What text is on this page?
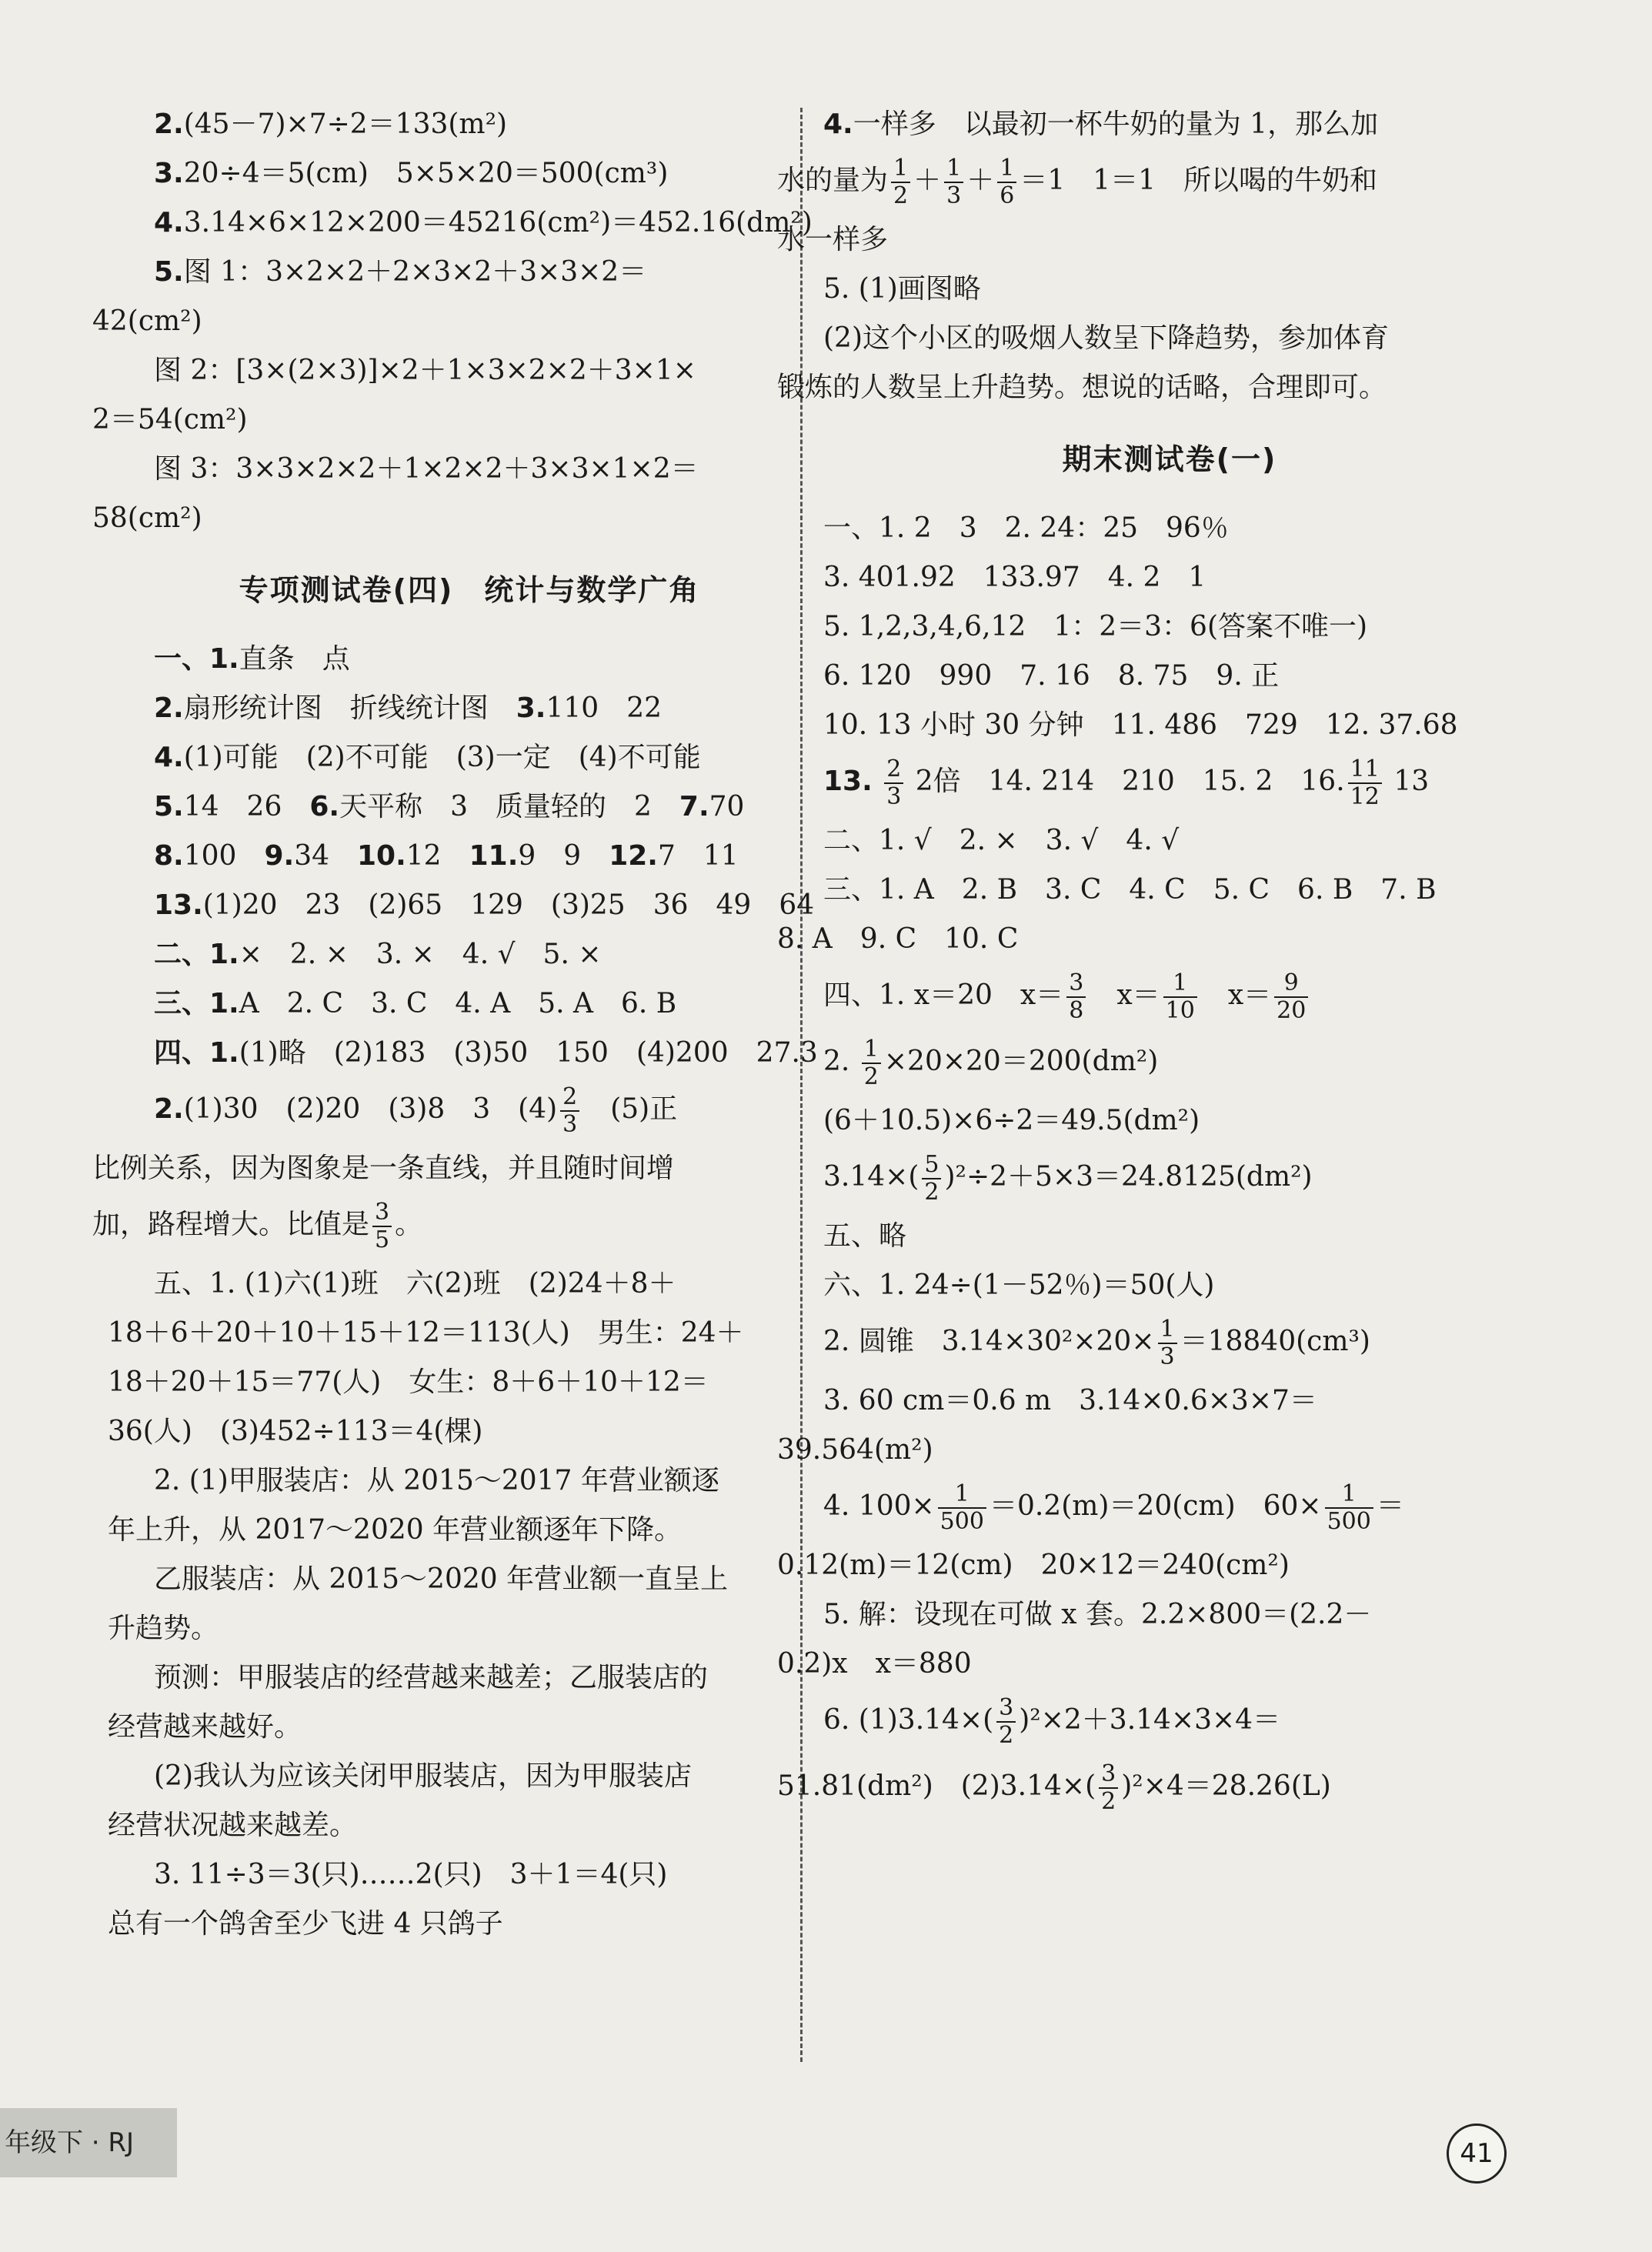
2.(45－7)×7÷2＝133(m²)
3.20÷4＝5(cm)　5×5×20＝500(cm³)
4.3.14×6×12×200＝45216(cm²)＝452.16(dm²)
5.图 1：3×2×2＋2×3×2＋3×3×2＝
42(cm²)
图 2：[3×(2×3)]×2＋1×3×2×2＋3×1×
2＝54(cm²)
图 3：3×3×2×2＋1×2×2＋3×3×1×2＝
58(cm²)
专项测试卷(四)　统计与数学广角
一、1.直条　点
2.扇形统计图　折线统计图　3.110　22
4.(1)可能　(2)不可能　(3)一定　(4)不可能
5.14　26　6.天平称　3　质量轻的　2　7.70
8.100　9.34　10.12　11.9　9　12.7　11
13.(1)20　23　(2)65　129　(3)25　36　49　64
二、1.×　2. ×　3. ×　4. √　5. ×
三、1.A　2. C　3. C　4. A　5. A　6. B
四、1.(1)略　(2)183　(3)50　150　(4)200　27.3
2.(1)30　(2)20　(3)8　3　$(4) \frac{2}{3}$ 　(5)正
比例关系，因为图象是一条直线，并且随时间增
加，路程增大。比值是 $\frac{3}{5}$ 。
五、1. (1)六(1)班　六(2)班　(2)24＋8＋
18＋6＋20＋10＋15＋12＝113(人)　男生：24＋
18＋20＋15＝77(人)　女生：8＋6＋10＋12＝
36(人)　(3)452÷113＝4(棵)
2. (1)甲服装店：从 2015～2017 年营业额逐
年上升，从 2017～2020 年营业额逐年下降。
乙服装店：从 2015～2020 年营业额一直呈上
升趋势。
预测：甲服装店的经营越来越差；乙服装店的
经营越来越好。
(2)我认为应该关闭甲服装店，因为甲服装店
经营状况越来越差。
3. 11÷3＝3(只)……2(只)　3＋1＝4(只)
总有一个鸽舍至少飞进 4 只鸽子
4.一样多　以最初一杯牛奶的量为 1，那么加
水的量为 $\frac{1}{2} + \frac{1}{3} + \frac{1}{6} =1$　1＝1　所以喝的牛奶和
水一样多
5. (1)画图略
(2)这个小区的吸烟人数呈下降趋势，参加体育
锻炼的人数呈上升趋势。想说的话略，合理即可。
期末测试卷(一)
一、1. 2　3　2. 24：25　96％
3. 401.92　133.97　4. 2　1
5. 1,2,3,4,6,12　1：2＝3：6(答案不唯一)
6. 120　990　7. 16　8. 75　9. 正
10. 13 小时 30 分钟　11. 486　729　12. 37.68
13. $\frac{2}{3} 2$倍　14. 214　210　15. 2　16. $\frac{11}{12} 13$
二、1. √　2. ×　3. √　4. √
三、1. A　2. B　3. C　4. C　5. C　6. B　7. B
8. A　9. C　10. C
四、1. x＝20　$x= \frac{3}{8}$ 　$x= \frac{1}{10}$ 　$x= \frac{9}{20}$
2. $\frac{1}{2} \times 20\times 20=200(dm^2)$
(6＋10.5)×6÷2＝49.5(dm²)
$3.14\times( \frac{5}{2} )^2\div 2+5\times 3=24.8125(dm^2)$
五、略
六、1. 24÷(1－52％)＝50(人)
2. 圆锥　$3.14\times 30^2\times 20\times \frac{1}{3} =18840(cm^3)$
3. 60 cm＝0.6 m　3.14×0.6×3×7＝
39.564(m²)
4. $100\times \frac{1}{500} =0.2(m)=20(cm)$　$60\times \frac{1}{500}$ ＝
0.12(m)＝12(cm)　20×12＝240(cm²)
5. 解：设现在可做 x 套。2.2×800＝(2.2－
0.2)x　x＝880
6. $(1)3.14\times( \frac{3}{2} )^2\times 2+3.14\times 3\times 4=$
51.81(dm²)　$(2)3.14\times( \frac{3}{2} )^2\times 4=28.26(L)$
年级下 · RJ	41
